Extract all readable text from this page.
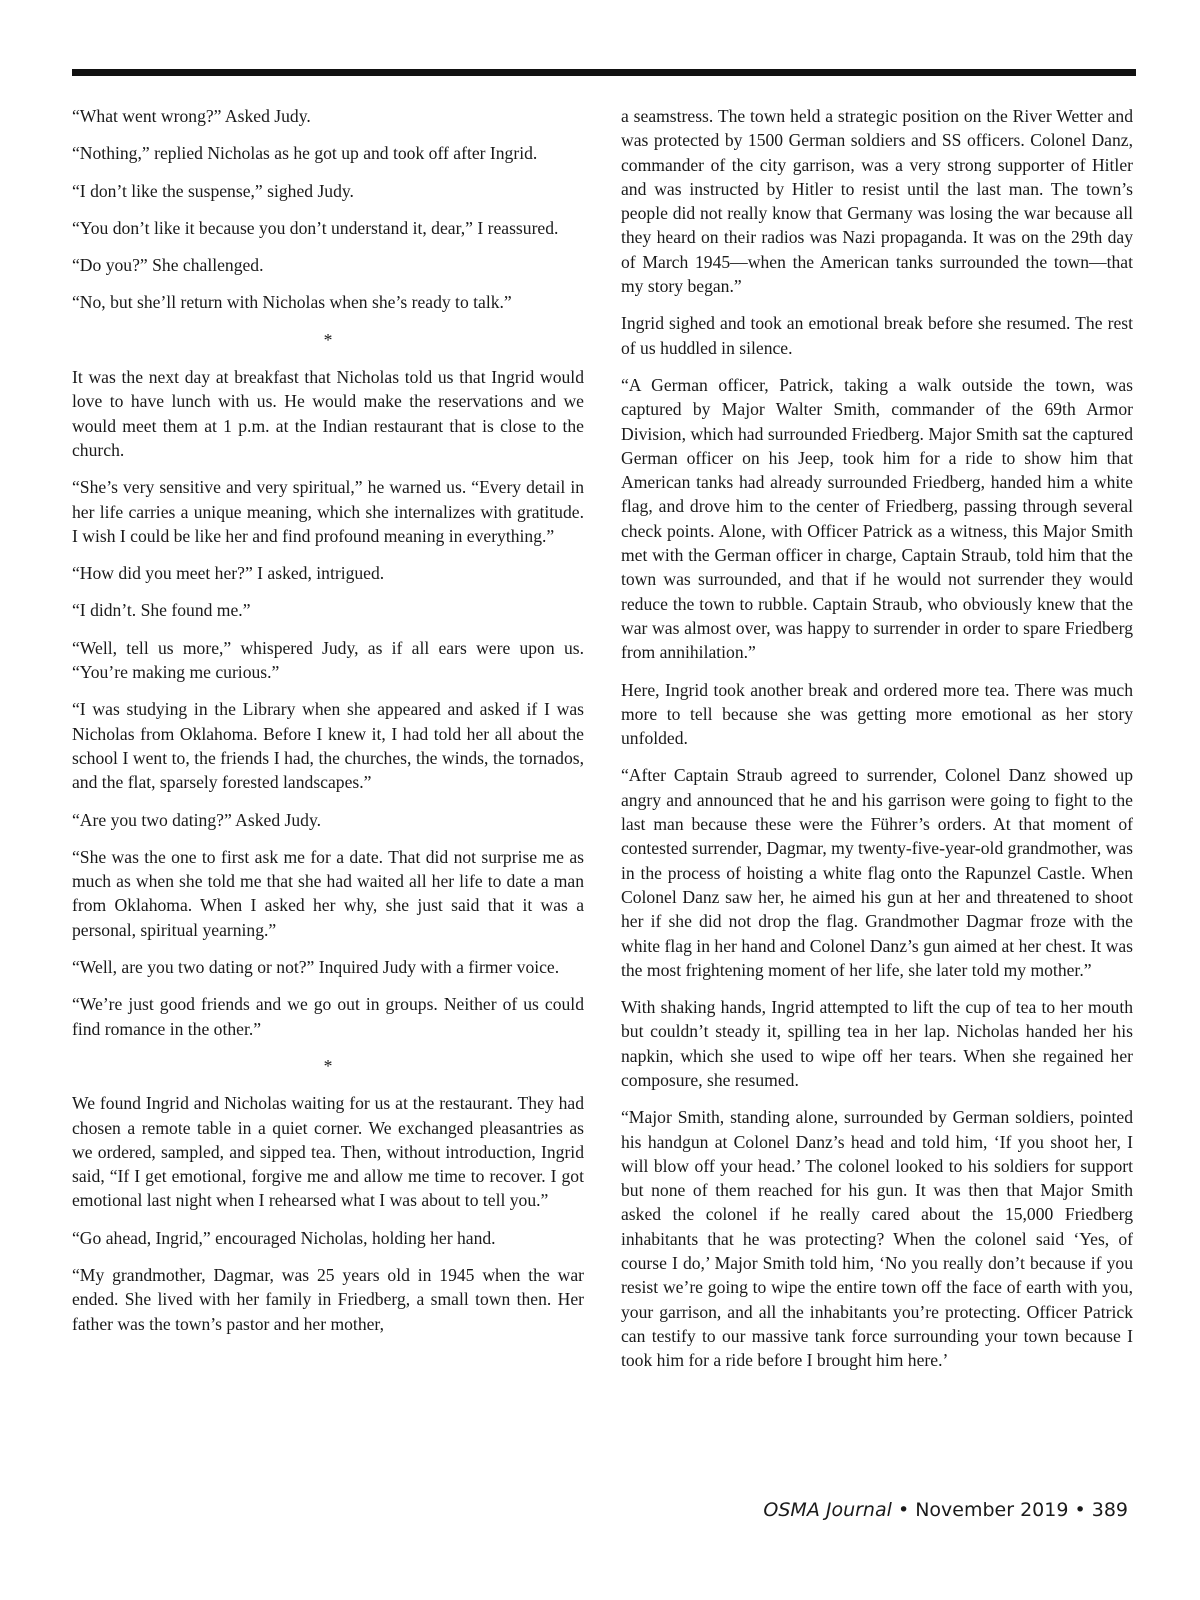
“What went wrong?” Asked Judy.

“Nothing,” replied Nicholas as he got up and took off after Ingrid.

“I don’t like the suspense,” sighed Judy.

“You don’t like it because you don’t understand it, dear,” I reassured.

“Do you?” She challenged.

“No, but she’ll return with Nicholas when she’s ready to talk.”

*

It was the next day at breakfast that Nicholas told us that Ingrid would love to have lunch with us. He would make the reservations and we would meet them at 1 p.m. at the Indian restaurant that is close to the church.

“She’s very sensitive and very spiritual,” he warned us. “Every detail in her life carries a unique meaning, which she internalizes with gratitude. I wish I could be like her and find profound meaning in everything.”

“How did you meet her?” I asked, intrigued.

“I didn’t. She found me.”

“Well, tell us more,” whispered Judy, as if all ears were upon us. “You’re making me curious.”

“I was studying in the Library when she appeared and asked if I was Nicholas from Oklahoma. Before I knew it, I had told her all about the school I went to, the friends I had, the churches, the winds, the tornados, and the flat, sparsely forested landscapes.”

“Are you two dating?” Asked Judy.

“She was the one to first ask me for a date. That did not surprise me as much as when she told me that she had waited all her life to date a man from Oklahoma. When I asked her why, she just said that it was a personal, spiritual yearning.”

“Well, are you two dating or not?” Inquired Judy with a firmer voice.

“We’re just good friends and we go out in groups. Neither of us could find romance in the other.”

*

We found Ingrid and Nicholas waiting for us at the restaurant. They had chosen a remote table in a quiet corner. We exchanged pleasantries as we ordered, sampled, and sipped tea. Then, without introduction, Ingrid said, “If I get emotional, forgive me and allow me time to recover. I got emotional last night when I rehearsed what I was about to tell you.”

“Go ahead, Ingrid,” encouraged Nicholas, holding her hand.

“My grandmother, Dagmar, was 25 years old in 1945 when the war ended. She lived with her family in Friedberg, a small town then. Her father was the town’s pastor and her mother,

a seamstress. The town held a strategic position on the River Wetter and was protected by 1500 German soldiers and SS officers. Colonel Danz, commander of the city garrison, was a very strong supporter of Hitler and was instructed by Hitler to resist until the last man. The town’s people did not really know that Germany was losing the war because all they heard on their radios was Nazi propaganda. It was on the 29th day of March 1945—when the American tanks surrounded the town—that my story began.”

Ingrid sighed and took an emotional break before she resumed. The rest of us huddled in silence.

“A German officer, Patrick, taking a walk outside the town, was captured by Major Walter Smith, commander of the 69th Armor Division, which had surrounded Friedberg. Major Smith sat the captured German officer on his Jeep, took him for a ride to show him that American tanks had already surrounded Friedberg, handed him a white flag, and drove him to the center of Friedberg, passing through several check points. Alone, with Officer Patrick as a witness, this Major Smith met with the German officer in charge, Captain Straub, told him that the town was surrounded, and that if he would not surrender they would reduce the town to rubble. Captain Straub, who obviously knew that the war was almost over, was happy to surrender in order to spare Friedberg from annihilation.”

Here, Ingrid took another break and ordered more tea. There was much more to tell because she was getting more emotional as her story unfolded.

“After Captain Straub agreed to surrender, Colonel Danz showed up angry and announced that he and his garrison were going to fight to the last man because these were the Führer’s orders. At that moment of contested surrender, Dagmar, my twenty-five-year-old grandmother, was in the process of hoisting a white flag onto the Rapunzel Castle. When Colonel Danz saw her, he aimed his gun at her and threatened to shoot her if she did not drop the flag. Grandmother Dagmar froze with the white flag in her hand and Colonel Danz’s gun aimed at her chest. It was the most frightening moment of her life, she later told my mother.”

With shaking hands, Ingrid attempted to lift the cup of tea to her mouth but couldn’t steady it, spilling tea in her lap. Nicholas handed her his napkin, which she used to wipe off her tears. When she regained her composure, she resumed.

“Major Smith, standing alone, surrounded by German soldiers, pointed his handgun at Colonel Danz’s head and told him, ‘If you shoot her, I will blow off your head.’ The colonel looked to his soldiers for support but none of them reached for his gun. It was then that Major Smith asked the colonel if he really cared about the 15,000 Friedberg inhabitants that he was protecting? When the colonel said ‘Yes, of course I do,’ Major Smith told him, ‘No you really don’t because if you resist we’re going to wipe the entire town off the face of earth with you, your garrison, and all the inhabitants you’re protecting. Officer Patrick can testify to our massive tank force surrounding your town because I took him for a ride before I brought him here.’

OSMA Journal • November 2019 • 389
